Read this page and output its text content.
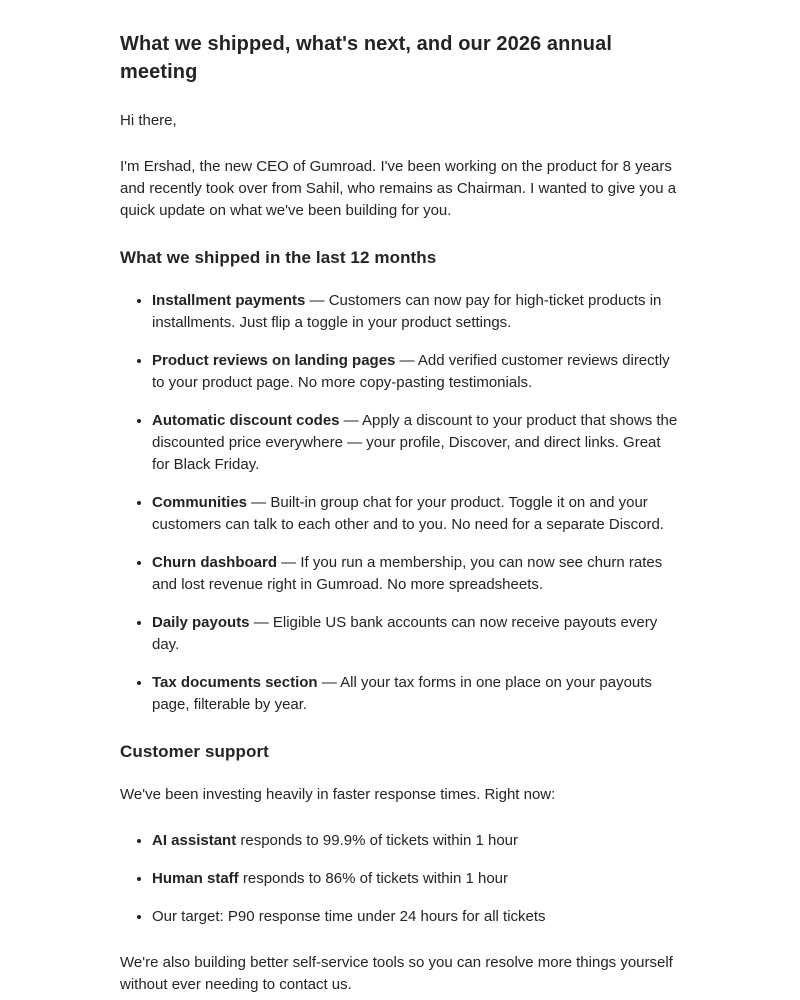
What we shipped, what's next, and our 2026 annual meeting

Hi there,

I'm Ershad, the new CEO of Gumroad. I've been working on the product for 8 years and recently took over from Sahil, who remains as Chairman. I wanted to give you a quick update on what we've been building for you.

What we shipped in the last 12 months
• Installment payments — Customers can now pay for high-ticket products in installments. Just flip a toggle in your product settings.
• Product reviews on landing pages — Add verified customer reviews directly to your product page. No more copy-pasting testimonials.
• Automatic discount codes — Apply a discount to your product that shows the discounted price everywhere — your profile, Discover, and direct links. Great for Black Friday.
• Communities — Built-in group chat for your product. Toggle it on and your customers can talk to each other and to you. No need for a separate Discord.
• Churn dashboard — If you run a membership, you can now see churn rates and lost revenue right in Gumroad. No more spreadsheets.
• Daily payouts — Eligible US bank accounts can now receive payouts every day.
• Tax documents section — All your tax forms in one place on your payouts page, filterable by year.
Customer support

We've been investing heavily in faster response times. Right now:

• AI assistant responds to 99.9% of tickets within 1 hour
• Human staff responds to 86% of tickets within 1 hour
• Our target: P90 response time under 24 hours for all tickets

We're also building better self-service tools so you can resolve more things yourself without ever needing to contact us.
